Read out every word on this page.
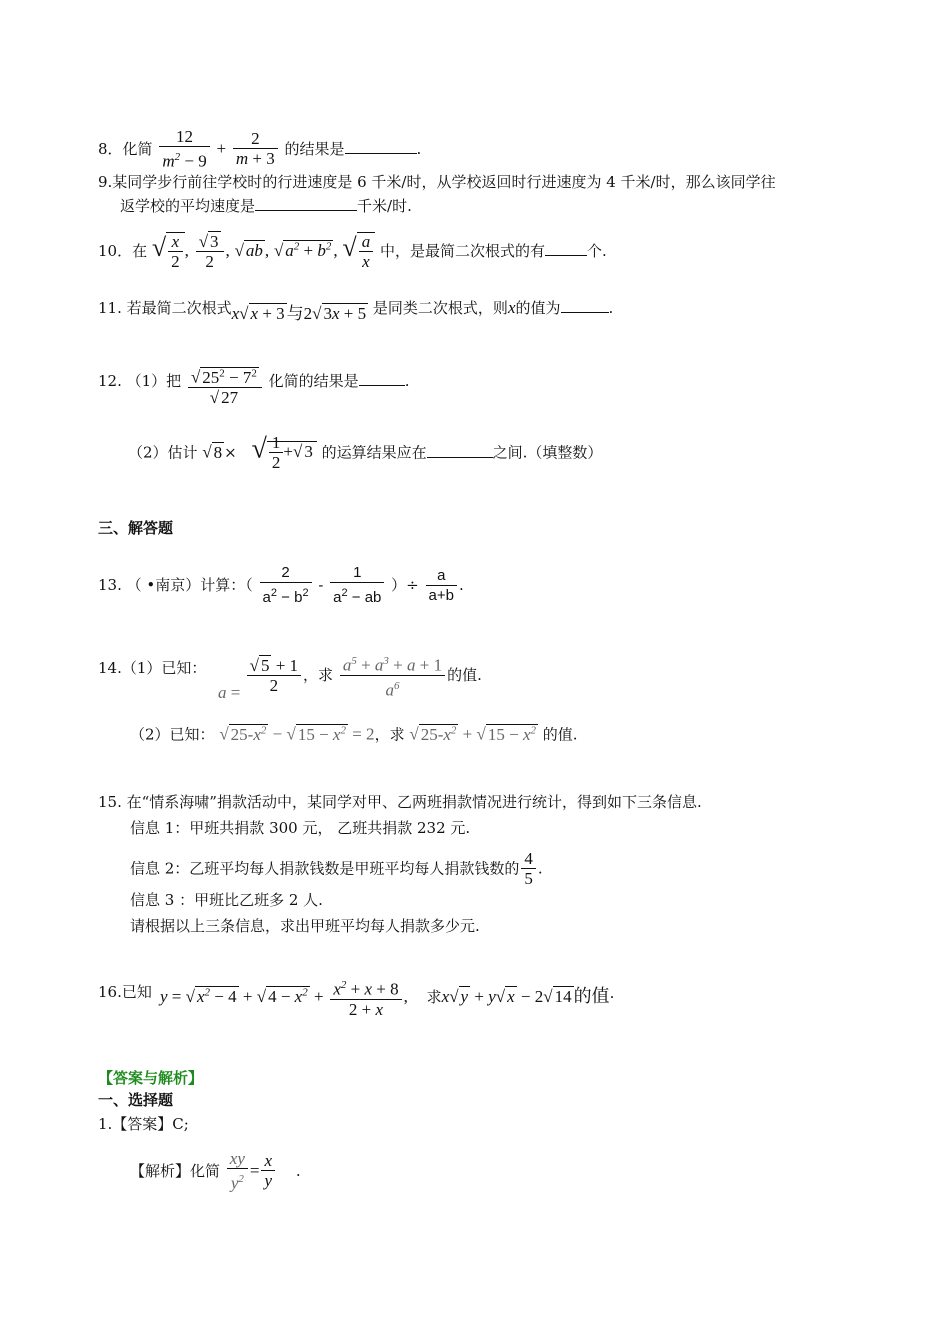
8．化简 $\frac{12}{m^2 - 9} + \frac{2}{m + 3}$ 的结果是	.
9.某同学步行前往学校时的行进速度是 6 千米/时，从学校返回时行进速度为 4 千米/时，那么该同学往
返学校的平均速度是	千米/时.
10．在 √ $\frac{x}{2}$ , $\frac{√ 3}{2}$ , √ ab , √ $a^2 + b^2$ , √ $\frac{a}{x}$ 中，是最简二次根式的有	个.
11. 若最简二次根式x√ x + 3 与2√ 3x + 5 是同类二次根式，则x的值为	.
12. （1）把 $\frac{√ 25^2 - 7^2}{√ 27}$ 化简的结果是	.
（2）估计 √ 8 × √ $\frac{1}{2}$ +√ 3 的运算结果应在	之间.（填整数）
三、解答题
13. （ •南京）计算：（ $\frac{2}{a^2 - b^2} - \frac{1}{a^2 - ab}$ ）÷ $\frac{a}{a+b}$ .
14.（1）已知：
$a = \frac{√ 5 + 1}{2}$ ，求 $\frac{a^5 + a^3 + a + 1}{a^6}$ 的值.
（2）已知： √ $25-x^2$ − √ $15 - x^2 = 2$，求 √ $25-x^2$ + √ $15 - x^2$ 的值.
15. 在“情系海啸”捐款活动中，某同学对甲、乙两班捐款情况进行统计，得到如下三条信息.
信息 1：甲班共捐款 300 元， 乙班共捐款 232 元.
信息 2：乙班平均每人捐款钱数是甲班平均每人捐款钱数的 $\frac{4}{5}$ .
信息 3 ：甲班比乙班多 2 人.
请根据以上三条信息，求出甲班平均每人捐款多少元.
16.已知 y = √ $x^2 - 4$ + √ $4 - x^2 + \frac{x^2 + x + 8}{2 + x}$ , 求x√ y + y√ x − 2√ 14 的值·
【答案与解析】
一、选择题
1.【答案】C;
【解析】化简 $\frac{xy}{y^2} = \frac{x}{y}$ .
